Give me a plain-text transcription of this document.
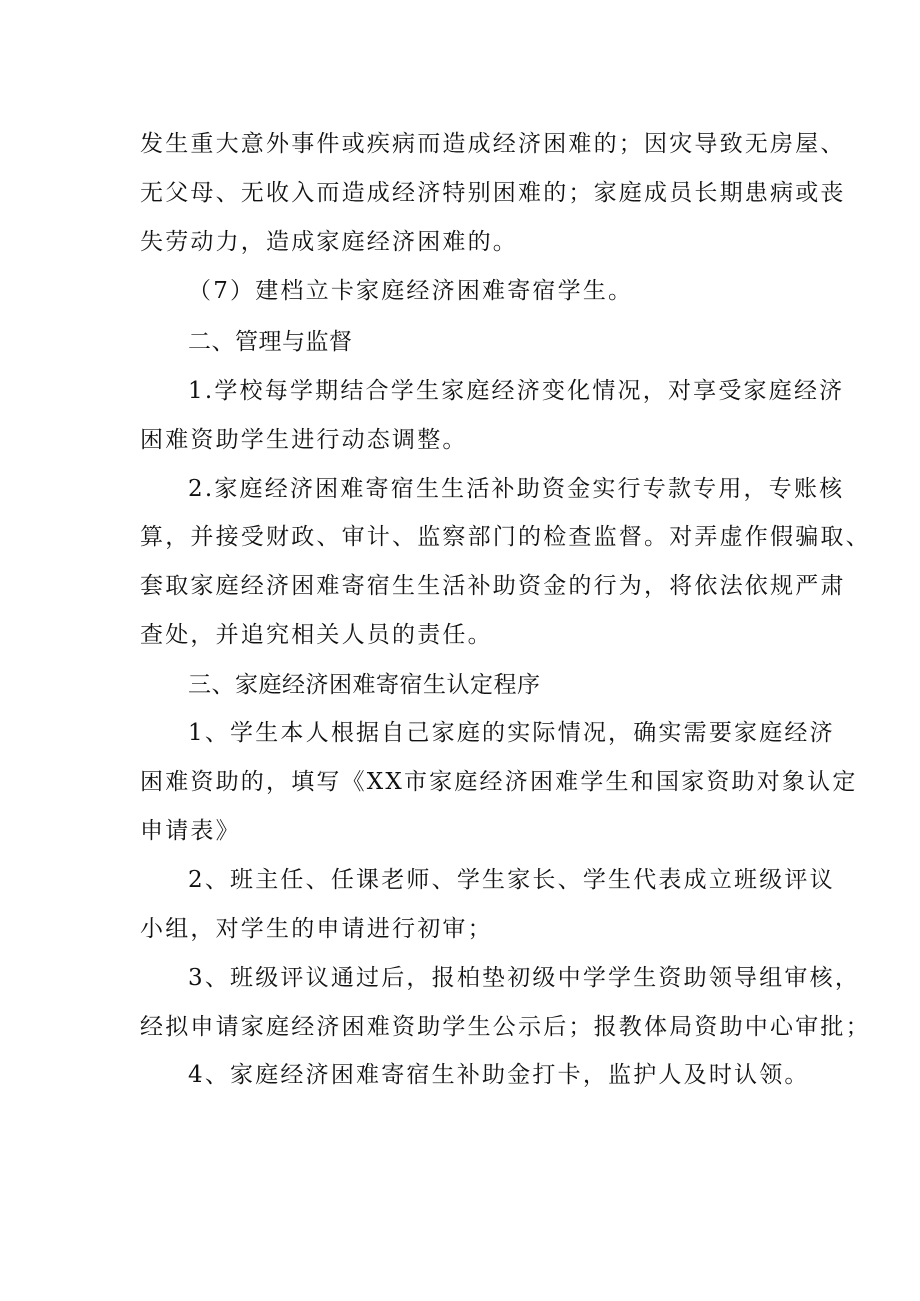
发生重大意外事件或疾病而造成经济困难的；因灾导致无房屋、
无父母、无收入而造成经济特别困难的；家庭成员长期患病或丧
失劳动力，造成家庭经济困难的。
（7）建档立卡家庭经济困难寄宿学生。
二、管理与监督
1.学校每学期结合学生家庭经济变化情况，对享受家庭经济
困难资助学生进行动态调整。
2.家庭经济困难寄宿生生活补助资金实行专款专用，专账核
算，并接受财政、审计、监察部门的检查监督。对弄虚作假骗取、
套取家庭经济困难寄宿生生活补助资金的行为，将依法依规严肃
查处，并追究相关人员的责任。
三、家庭经济困难寄宿生认定程序
1、学生本人根据自己家庭的实际情况，确实需要家庭经济
困难资助的，填写《XX市家庭经济困难学生和国家资助对象认定
申请表》
2、班主任、任课老师、学生家长、学生代表成立班级评议
小组，对学生的申请进行初审；
3、班级评议通过后，报柏垫初级中学学生资助领导组审核，
经拟申请家庭经济困难资助学生公示后；报教体局资助中心审批；
4、家庭经济困难寄宿生补助金打卡，监护人及时认领。
